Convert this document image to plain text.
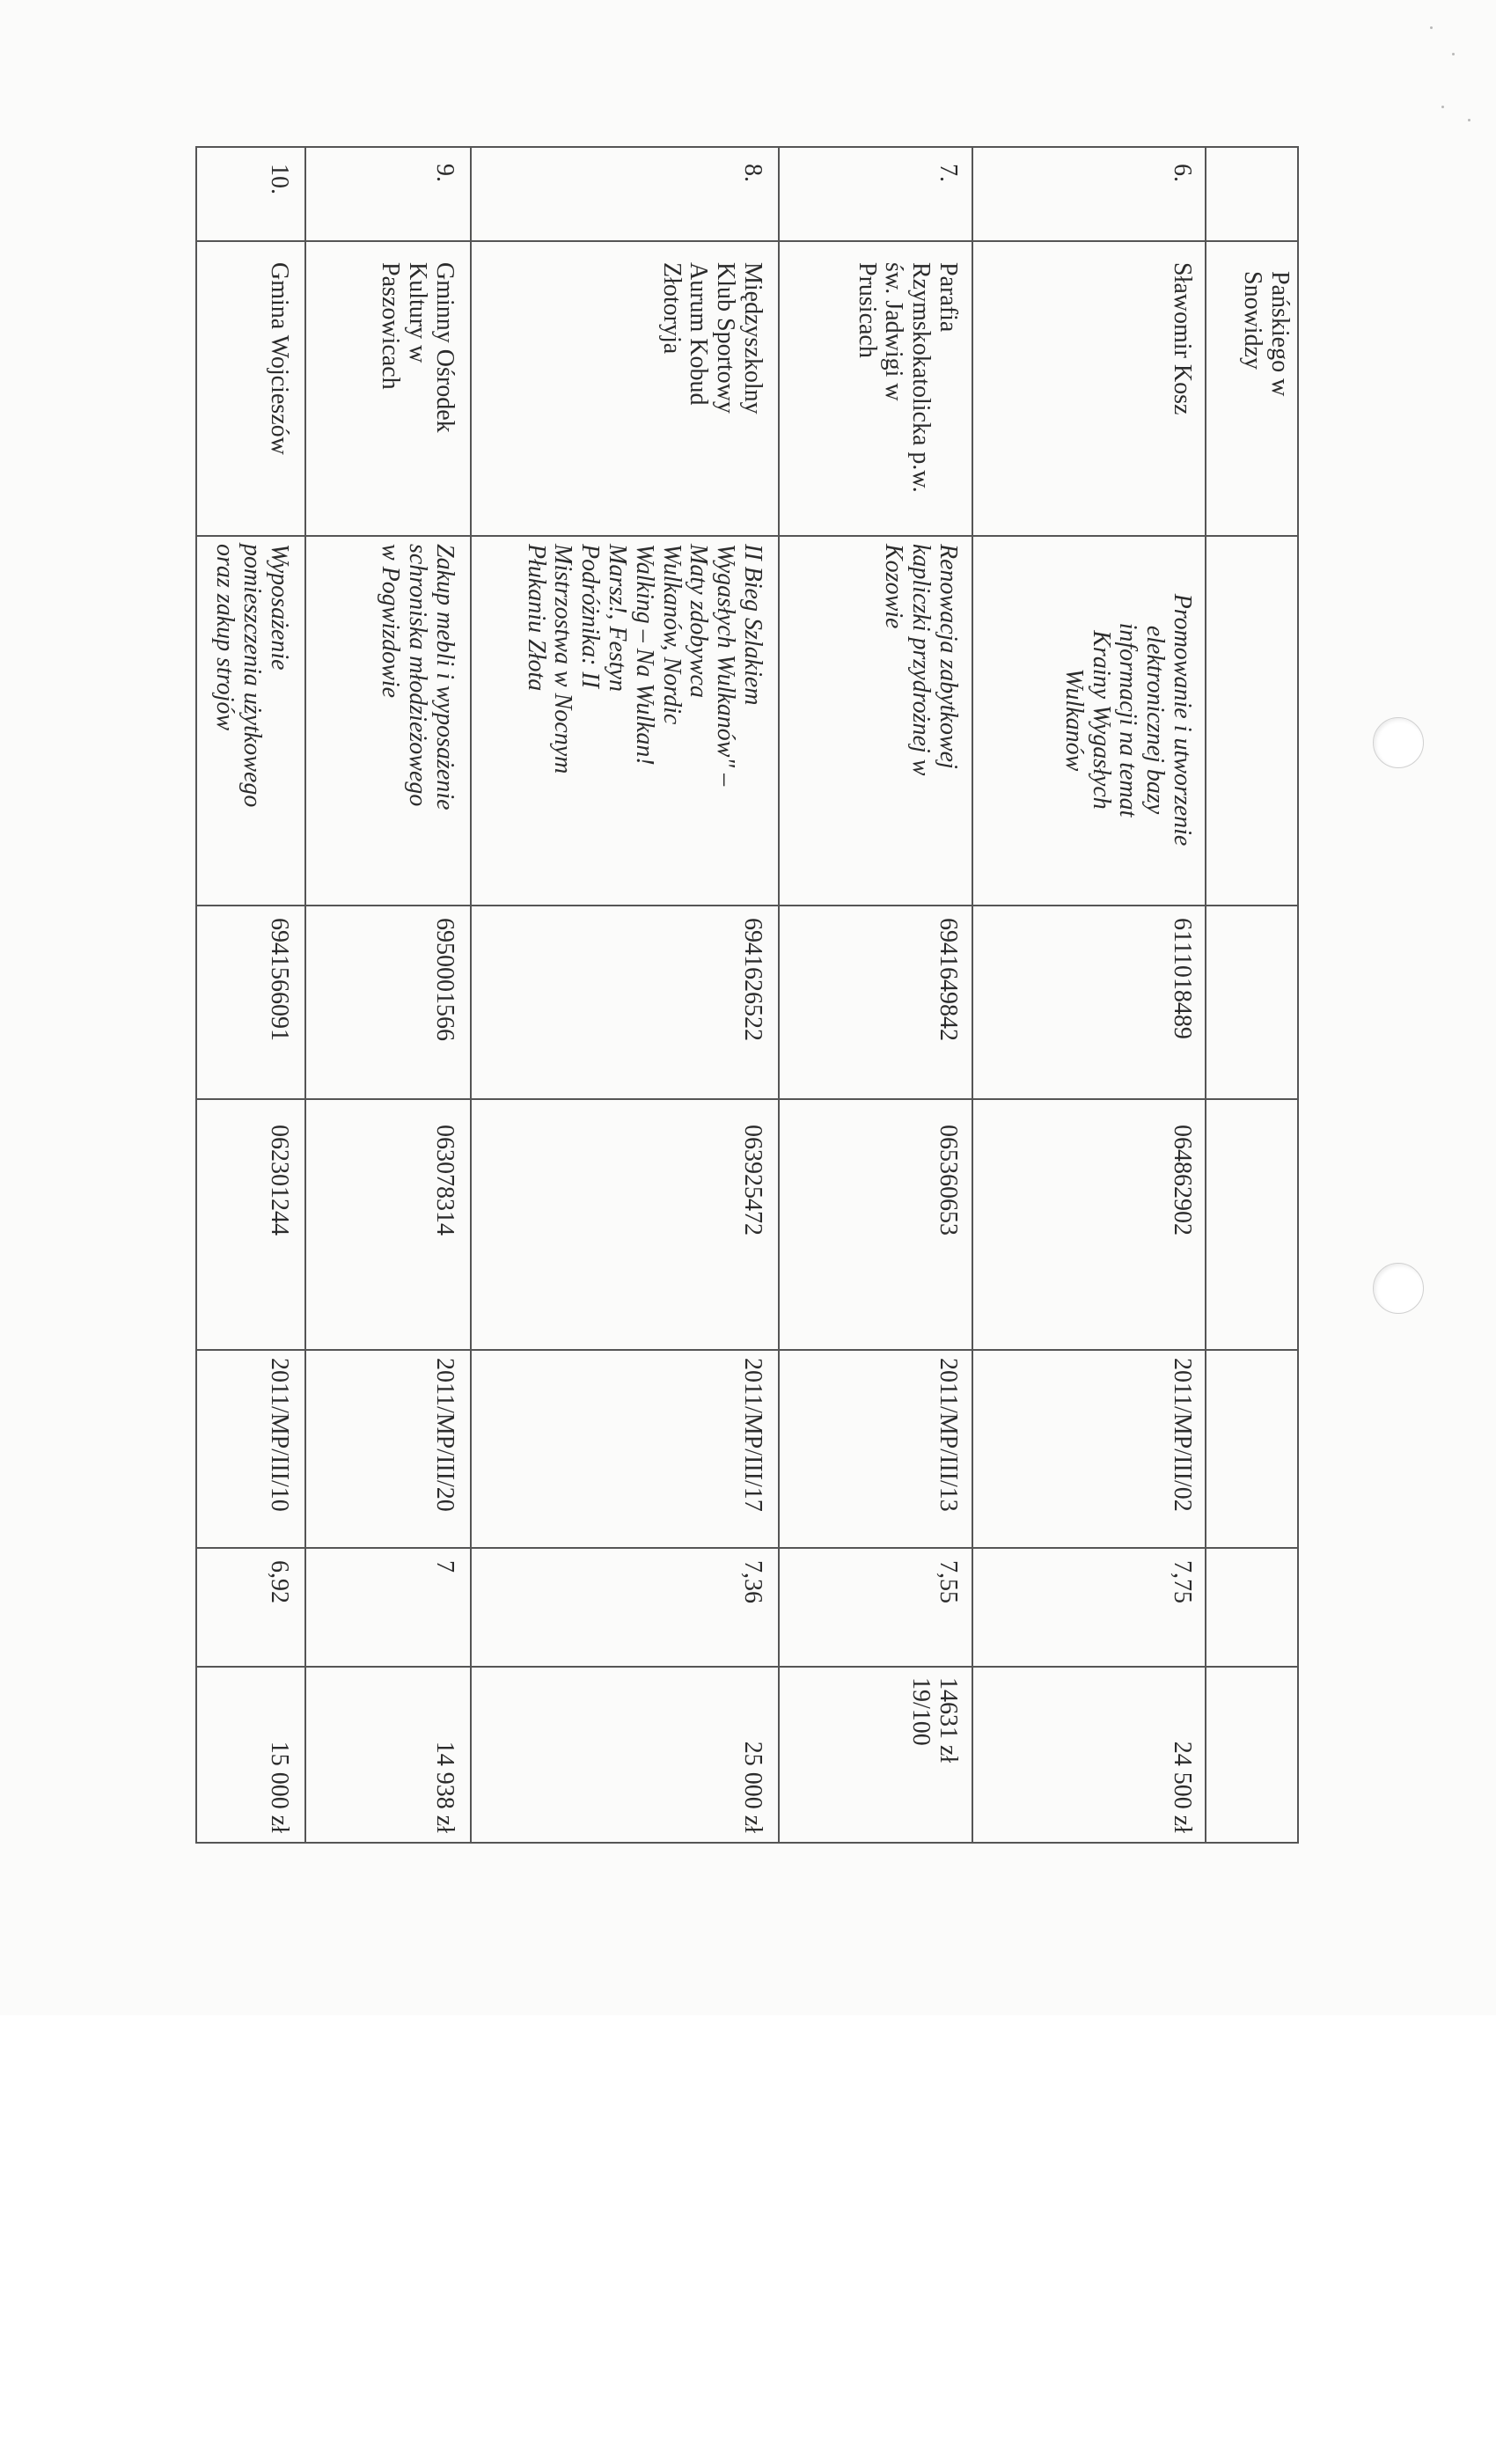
Pańskiego w
Snowidzy
6.
Sławomir Kosz
Promowanie i utworzenie
elektronicznej bazy
informacji na temat
Krainy Wygasłych
Wulkanów
6111018489
064862902
2011/MP/III/02
7,75
24 500 zł
7.
Parafia
Rzymskokatolicka p.w.
św. Jadwigi w
Prusicach
Renowacja zabytkowej
kapliczki przydrożnej w
Kozowie
6941649842
065360653
2011/MP/III/13
7,55
14631 zł
19/100
8.
Międzyszkolny
Klub Sportowy
Aurum Kobud
Złotoryja
II Bieg Szlakiem
Wygasłych Wulkanów" –
Maty zdobywca
Wulkanów, Nordic
Walking – Na Wulkan!
Marsz!, Festyn
Podróżnika: II
Mistrzostwa w Nocnym
Płukaniu Złota
6941626522
063925472
2011/MP/III/17
7,36
25 000 zł
9.
Gminny Ośrodek
Kultury w
Paszowicach
Zakup mebli i wyposażenie
schroniska młodzieżowego
w Pogwizdowie
6950001566
063078314
2011/MP/III/20
7
14 938 zł
10.
Gmina Wojcieszów
Wyposażenie
pomieszczenia użytkowego
oraz zakup strojów
6941566091
062301244
2011/MP/III/10
6,92
15 000 zł
